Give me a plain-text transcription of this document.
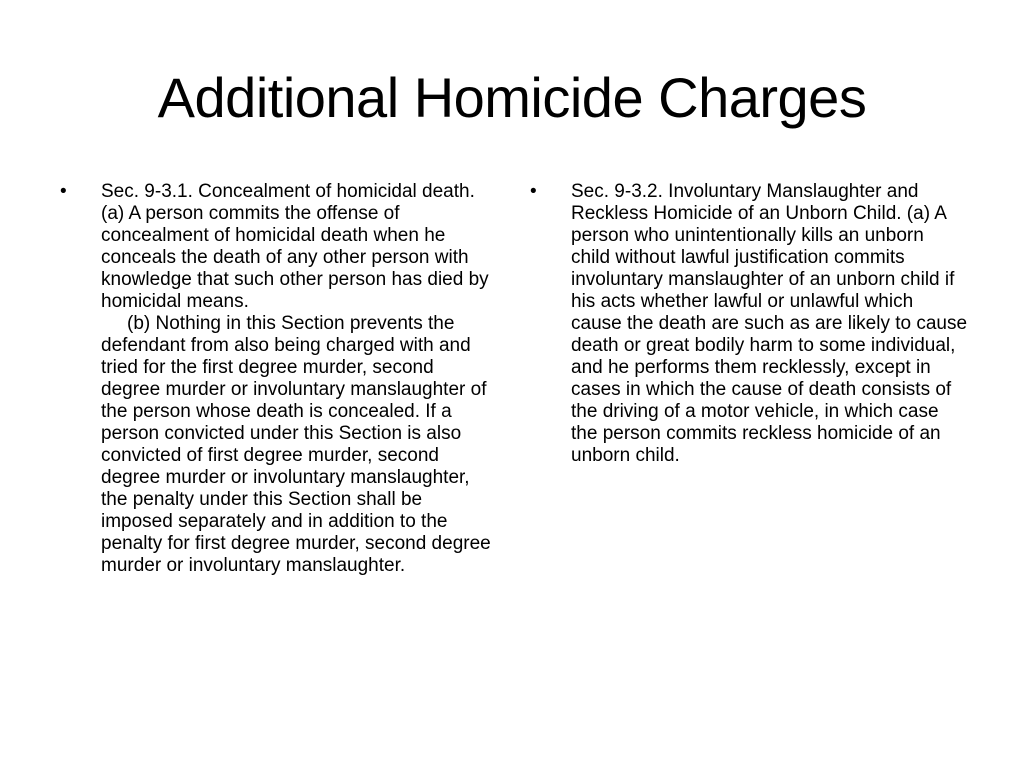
Additional Homicide Charges
•	Sec. 9-3.1. Concealment of homicidal death. (a) A person commits the offense of concealment of homicidal death when he conceals the death of any other person with knowledge that such other person has died by homicidal means.

(b) Nothing in this Section prevents the defendant from also being charged with and tried for the first degree murder, second degree murder or involuntary manslaughter of the person whose death is concealed. If a person convicted under this Section is also convicted of first degree murder, second degree murder or involuntary manslaughter, the penalty under this Section shall be imposed separately and in addition to the penalty for first degree murder, second degree murder or involuntary manslaughter.

•	Sec. 9-3.2. Involuntary Manslaughter and Reckless Homicide of an Unborn Child. (a) A person who unintentionally kills an unborn child without lawful justification commits involuntary manslaughter of an unborn child if his acts whether lawful or unlawful which cause the death are such as are likely to cause death or great bodily harm to some individual, and he performs them recklessly, except in cases in which the cause of death consists of the driving of a motor vehicle, in which case the person commits reckless homicide of an unborn child.
